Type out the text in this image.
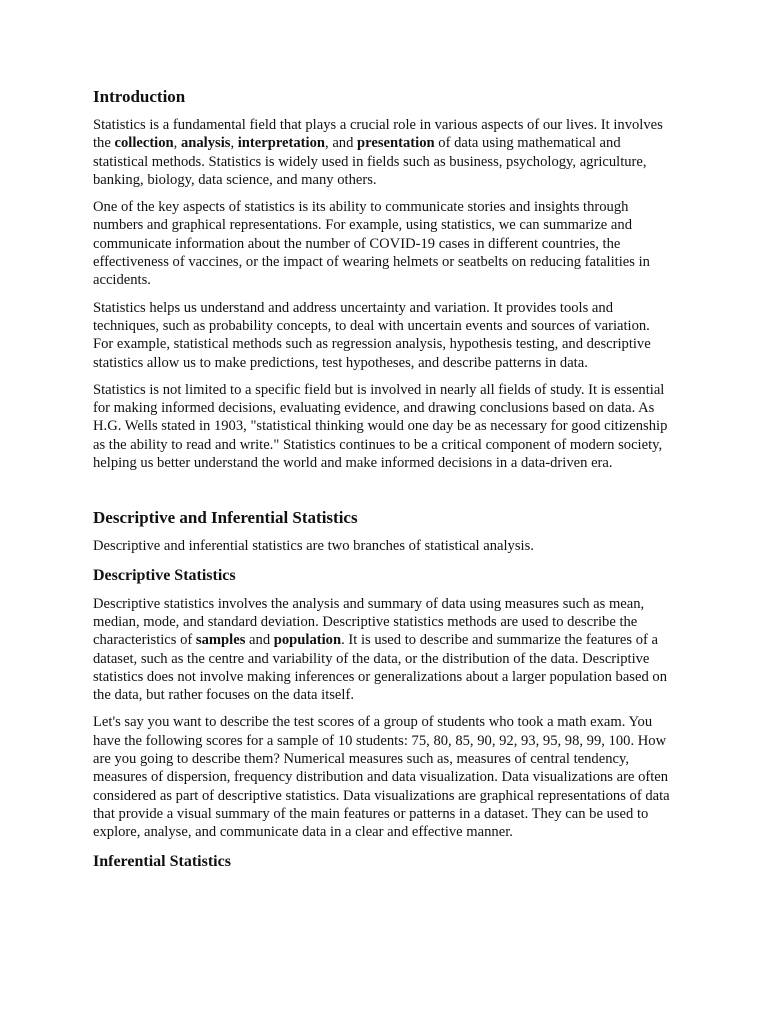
Introduction

Statistics is a fundamental field that plays a crucial role in various aspects of our lives. It involves the collection, analysis, interpretation, and presentation of data using mathematical and statistical methods. Statistics is widely used in fields such as business, psychology, agriculture, banking, biology, data science, and many others.

One of the key aspects of statistics is its ability to communicate stories and insights through numbers and graphical representations. For example, using statistics, we can summarize and communicate information about the number of COVID-19 cases in different countries, the effectiveness of vaccines, or the impact of wearing helmets or seatbelts on reducing fatalities in accidents.

Statistics helps us understand and address uncertainty and variation. It provides tools and techniques, such as probability concepts, to deal with uncertain events and sources of variation. For example, statistical methods such as regression analysis, hypothesis testing, and descriptive statistics allow us to make predictions, test hypotheses, and describe patterns in data.

Statistics is not limited to a specific field but is involved in nearly all fields of study. It is essential for making informed decisions, evaluating evidence, and drawing conclusions based on data. As H.G. Wells stated in 1903, "statistical thinking would one day be as necessary for good citizenship as the ability to read and write." Statistics continues to be a critical component of modern society, helping us better understand the world and make informed decisions in a data-driven era.

Descriptive and Inferential Statistics

Descriptive and inferential statistics are two branches of statistical analysis.

Descriptive Statistics

Descriptive statistics involves the analysis and summary of data using measures such as mean, median, mode, and standard deviation. Descriptive statistics methods are used to describe the characteristics of samples and population. It is used to describe and summarize the features of a dataset, such as the centre and variability of the data, or the distribution of the data. Descriptive statistics does not involve making inferences or generalizations about a larger population based on the data, but rather focuses on the data itself.

Let's say you want to describe the test scores of a group of students who took a math exam. You have the following scores for a sample of 10 students: 75, 80, 85, 90, 92, 93, 95, 98, 99, 100. How are you going to describe them? Numerical measures such as, measures of central tendency, measures of dispersion, frequency distribution and data visualization. Data visualizations are often considered as part of descriptive statistics. Data visualizations are graphical representations of data that provide a visual summary of the main features or patterns in a dataset. They can be used to explore, analyse, and communicate data in a clear and effective manner.

Inferential Statistics
